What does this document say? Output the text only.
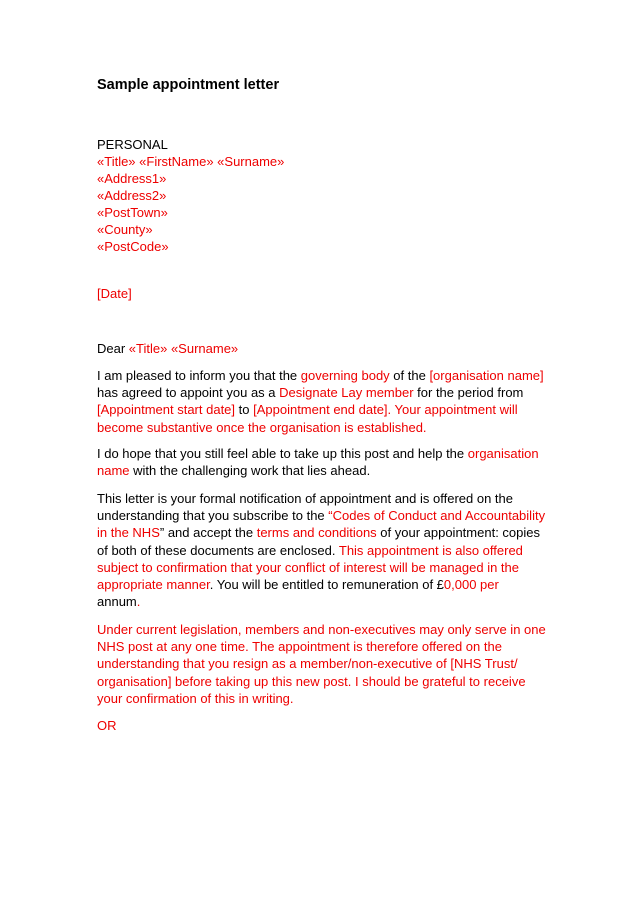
Sample appointment letter
PERSONAL
«Title» «FirstName» «Surname»
«Address1»
«Address2»
«PostTown»
«County»
«PostCode»
[Date]
Dear «Title» «Surname»
I am pleased to inform you that the governing body of the [organisation name]
has agreed to appoint you as a Designate Lay member for the period from
[Appointment start date] to [Appointment end date]. Your appointment will
become substantive once the organisation is established.
I do hope that you still feel able to take up this post and help the organisation
name with the challenging work that lies ahead.
This letter is your formal notification of appointment and is offered on the
understanding that you subscribe to the “Codes of Conduct and Accountability
in the NHS” and accept the terms and conditions of your appointment: copies
of both of these documents are enclosed. This appointment is also offered
subject to confirmation that your conflict of interest will be managed in the
appropriate manner. You will be entitled to remuneration of £0,000 per
annum.
Under current legislation, members and non-executives may only serve in one
NHS post at any one time. The appointment is therefore offered on the
understanding that you resign as a member/non-executive of [NHS Trust/
organisation] before taking up this new post. I should be grateful to receive
your confirmation of this in writing.
OR
